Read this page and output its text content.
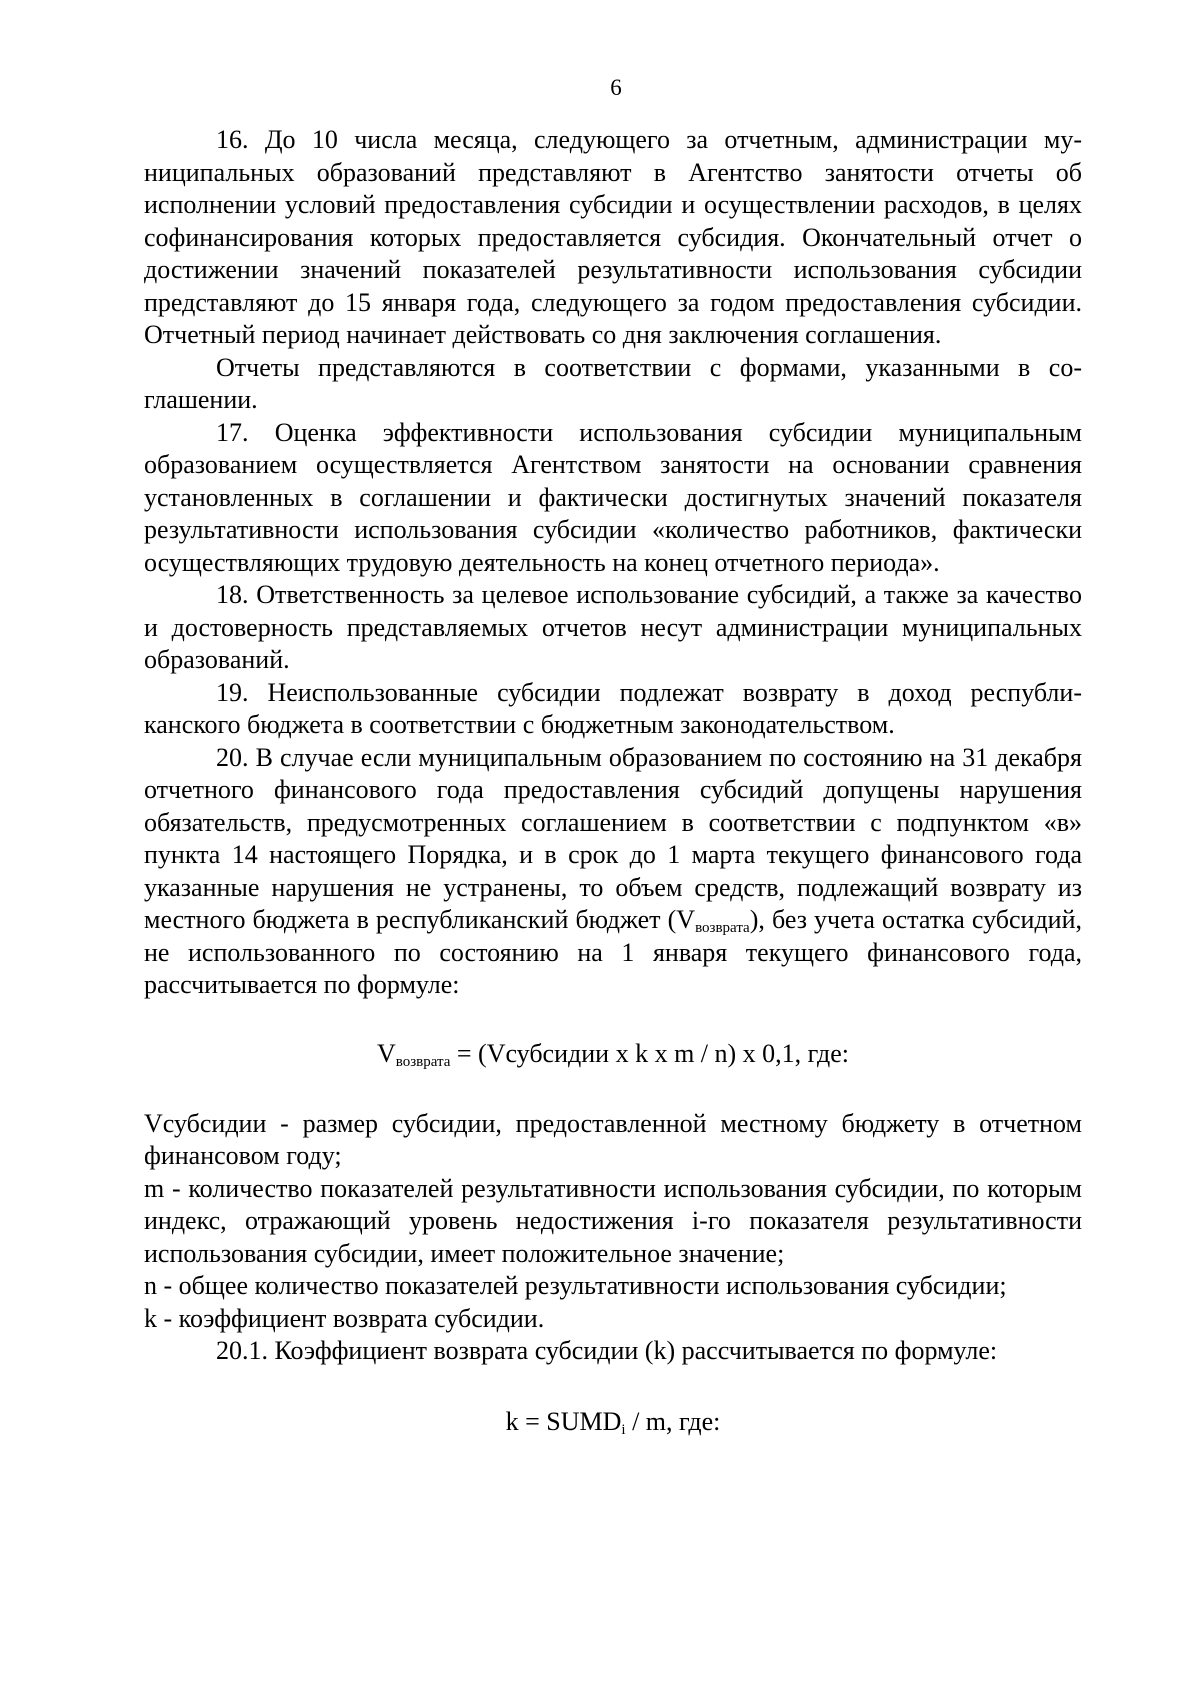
6

16. До 10 числа месяца, следующего за отчетным, администрации муниципальных образований представляют в Агентство занятости отчеты об исполнении условий предоставления субсидии и осуществлении расходов, в целях софинансирования которых предоставляется субсидия. Окончательный отчет о достижении значений показателей результативности использования субсидии представляют до 15 января года, следующего за годом предоставления субсидии. Отчетный период начинает действовать со дня заключения соглашения.

Отчеты представляются в соответствии с формами, указанными в соглашении.

17. Оценка эффективности использования субсидии муниципальным образованием осуществляется Агентством занятости на основании сравнения установленных в соглашении и фактически достигнутых значений показателя результативности использования субсидии «количество работников, фактически осуществляющих трудовую деятельность на конец отчетного периода».

18. Ответственность за целевое использование субсидий, а также за качество и достоверность представляемых отчетов несут администрации муниципальных образований.

19. Неиспользованные субсидии подлежат возврату в доход республиканского бюджета в соответствии с бюджетным законодательством.

20. В случае если муниципальным образованием по состоянию на 31 декабря отчетного финансового года предоставления субсидий допущены нарушения обязательств, предусмотренных соглашением в соответствии с подпунктом «в» пункта 14 настоящего Порядка, и в срок до 1 марта текущего финансового года указанные нарушения не устранены, то объем средств, подлежащий возврату из местного бюджета в республиканский бюджет $(V_{возврата})$, без учета остатка субсидий, не использованного по состоянию на 1 января текущего финансового года, рассчитывается по формуле:

$V_{возврата}$ = (Vсубсидии x k x m / n) x 0,1, где:

Vсубсидии - размер субсидии, предоставленной местному бюджету в отчетном финансовом году;

m - количество показателей результативности использования субсидии, по которым индекс, отражающий уровень недостижения i-го показателя результативности использования субсидии, имеет положительное значение;

n - общее количество показателей результативности использования субсидии;

k - коэффициент возврата субсидии.

20.1. Коэффициент возврата субсидии (k) рассчитывается по формуле:

$k = SUMD_i / m$, где:
